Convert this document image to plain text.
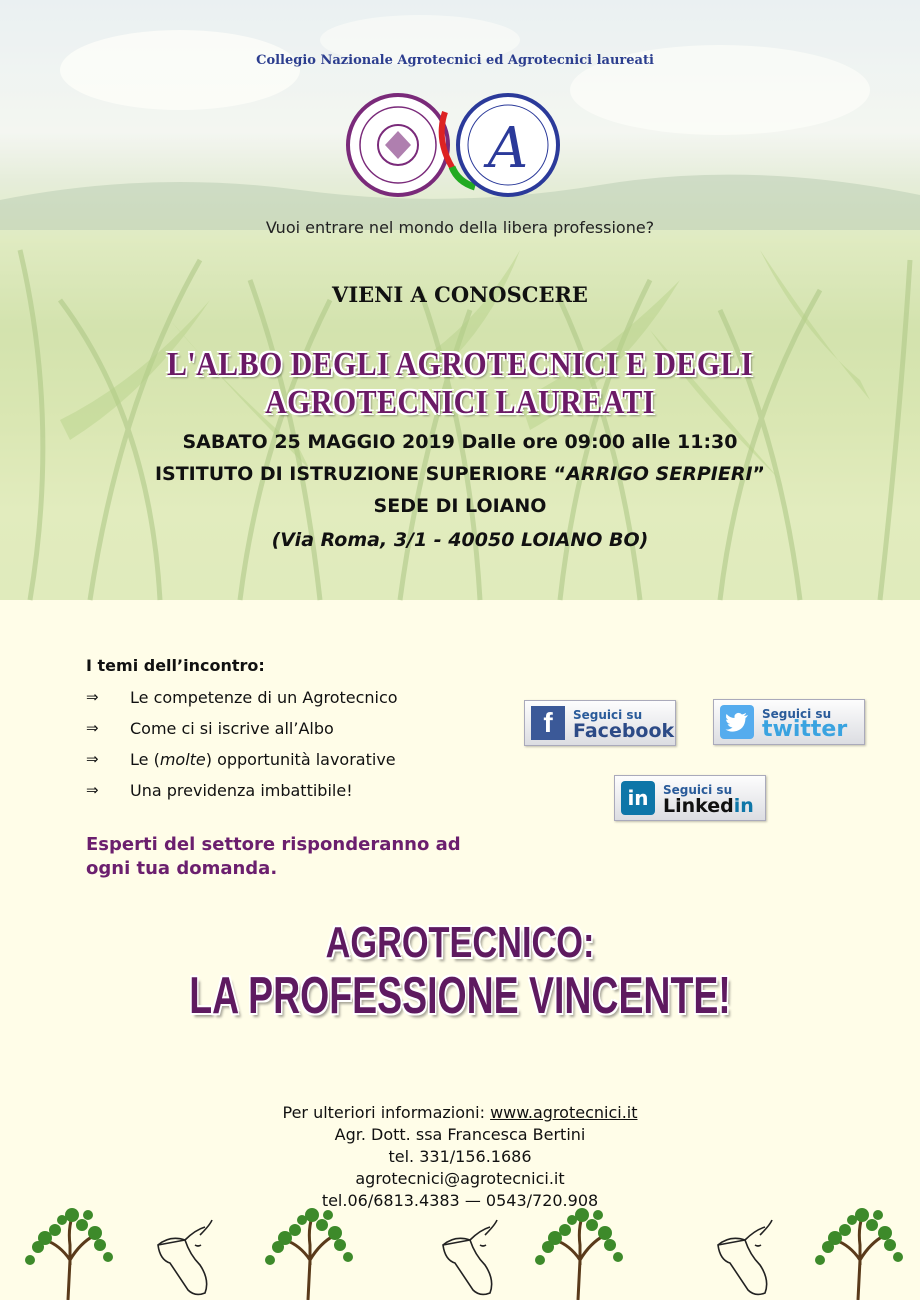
Collegio Nazionale Agrotecnici ed Agrotecnici laureati
A
Vuoi entrare nel mondo della libera professione?
VIENI A CONOSCERE
L'ALBO DEGLI AGROTECNICI E DEGLI AGROTECNICI LAUREATI
SABATO 25 MAGGIO 2019 Dalle ore 09:00 alle 11:30
ISTITUTO DI ISTRUZIONE SUPERIORE “ARRIGO SERPIERI”
SEDE DI LOIANO
(Via Roma, 3/1 - 40050 LOIANO BO)
I temi dell’incontro:
⇒	Le competenze di un Agrotecnico
⇒	Come ci si iscrive all’Albo
⇒	Le (molte) opportunità lavorative
⇒	Una previdenza imbattibile!
Esperti del settore risponderanno ad ogni tua domanda.
f	Seguici su
Facebook
Seguici su
twitter
in	Seguici su
Linkedin
AGROTECNICO:
LA PROFESSIONE VINCENTE!
Per ulteriori informazioni: www.agrotecnici.it
Agr. Dott. ssa Francesca Bertini
tel. 331/156.1686
agrotecnici@agrotecnici.it
tel.06/6813.4383 — 0543/720.908
